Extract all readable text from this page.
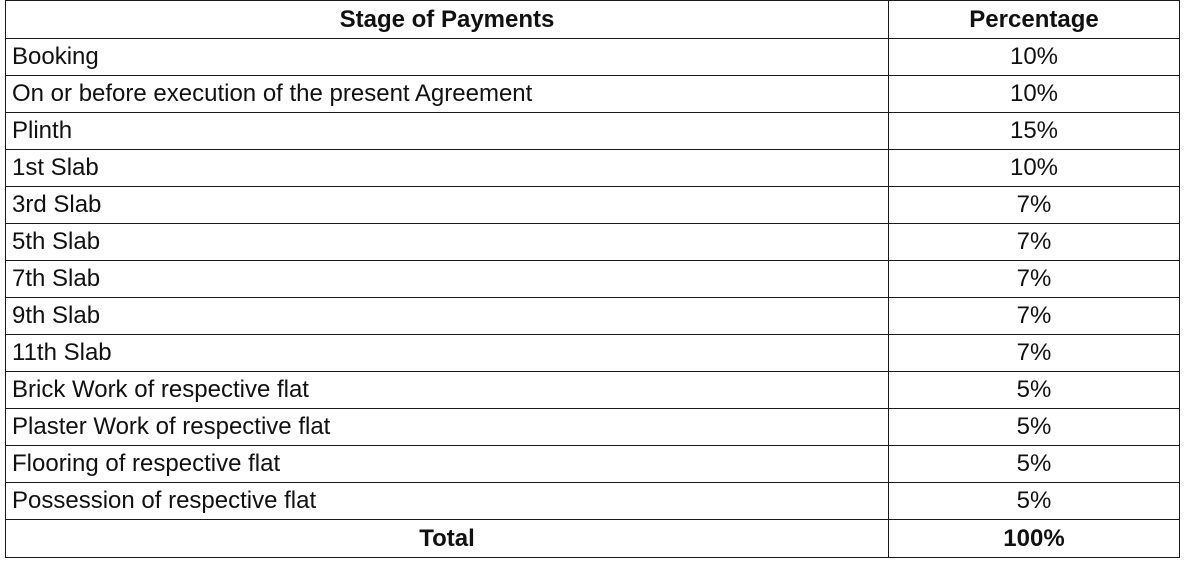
Stage of Payments	Percentage
Booking	10%
On or before execution of the present Agreement	10%
Plinth	15%
1st Slab	10%
3rd Slab	7%
5th Slab	7%
7th Slab	7%
9th Slab	7%
11th Slab	7%
Brick Work of respective flat	5%
Plaster Work of respective flat	5%
Flooring of respective flat	5%
Possession of respective flat	5%
Total	100%
